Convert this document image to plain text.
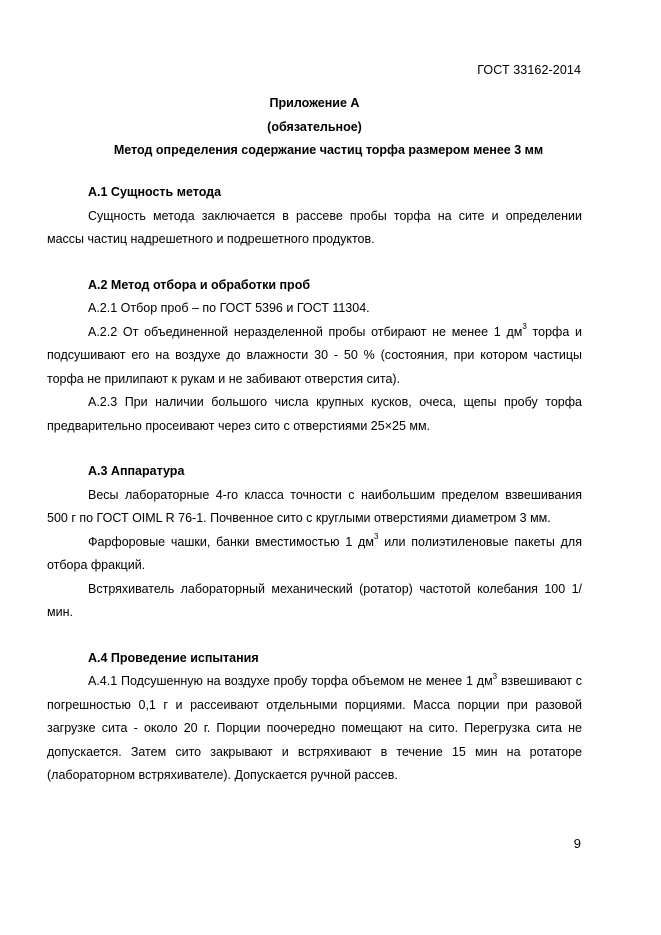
ГОСТ 33162-2014
Приложение А
(обязательное)
Метод определения содержание частиц торфа размером менее 3 мм
А.1 Сущность метода

Сущность метода заключается в рассеве пробы торфа на сите и определении массы частиц надрешетного и подрешетного продуктов.

А.2 Метод отбора и обработки проб

А.2.1 Отбор проб – по ГОСТ 5396 и ГОСТ 11304.

А.2.2 От объединенной неразделенной пробы отбирают не менее 1 $дм^3$ торфа и подсушивают его на воздухе до влажности 30 - 50 % (состояния, при котором частицы торфа не прилипают к рукам и не забивают отверстия сита).

А.2.3 При наличии большого числа крупных кусков, очеса, щепы пробу торфа предварительно просеивают через сито с отверстиями 25×25 мм.

А.3 Аппаратура

Весы лабораторные 4-го класса точности с наибольшим пределом взвешивания 500 г по ГОСТ OIML R 76-1. Почвенное сито с круглыми отверстиями диаметром 3 мм.

Фарфоровые чашки, банки вместимостью 1 $дм^3$ или полиэтиленовые пакеты для отбора фракций.

Встряхиватель лабораторный механический (ротатор) частотой колебания 100 1/мин.

А.4 Проведение испытания

А.4.1 Подсушенную на воздухе пробу торфа объемом не менее 1 $дм^3$ взвешивают с погрешностью 0,1 г и рассеивают отдельными порциями. Масса порции при разовой загрузке сита - около 20 г. Порции поочередно помещают на сито. Перегрузка сита не допускается. Затем сито закрывают и встряхивают в течение 15 мин на ротаторе (лабораторном встряхивателе). Допускается ручной рассев.

9
